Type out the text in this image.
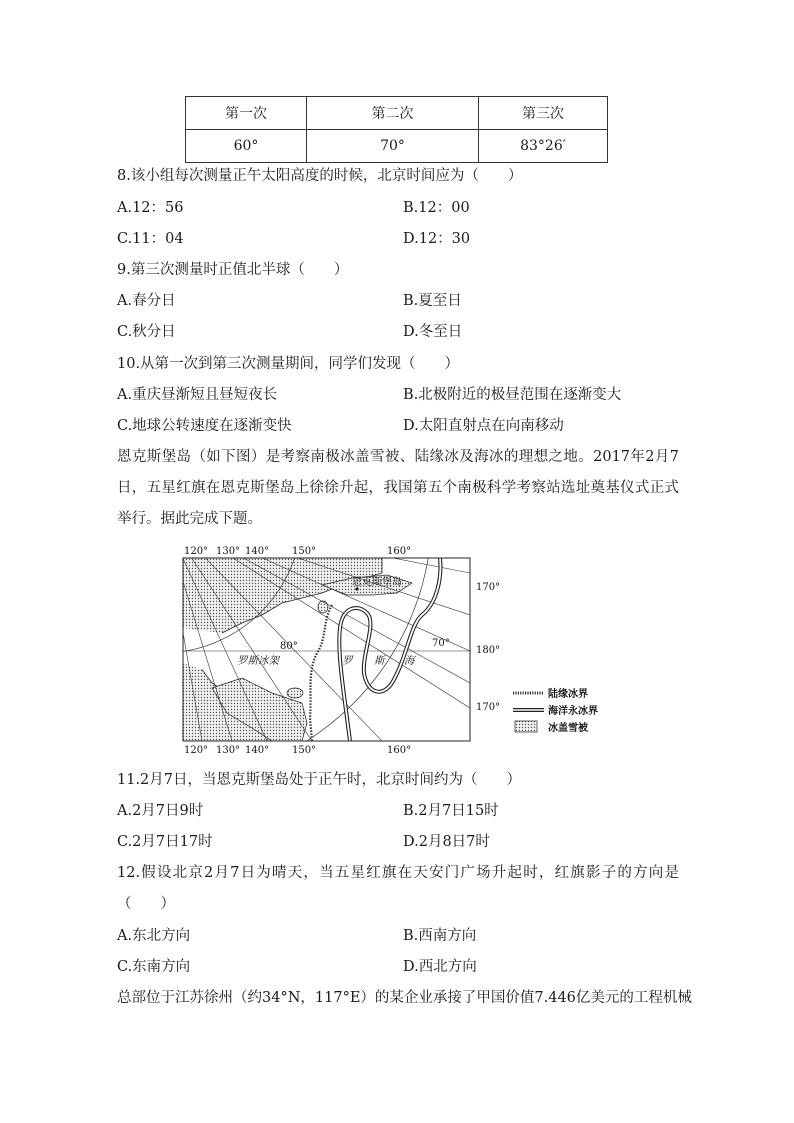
第一次	第二次	第三次
60°	70°	83°26′
8.该小组每次测量正午太阳高度的时候，北京时间应为（　　）
A.12：56	B.12：00
C.11：04	D.12：30
9.第三次测量时正值北半球（　　）
A.春分日	B.夏至日
C.秋分日	D.冬至日
10.从第一次到第三次测量期间，同学们发现（　　）
A.重庆昼渐短且昼短夜长	B.北极附近的极昼范围在逐渐变大
C.地球公转速度在逐渐变快	D.太阳直射点在向南移动
恩克斯堡岛（如下图）是考察南极冰盖雪被、陆缘冰及海冰的理想之地。2017年2月7日，五星红旗在恩克斯堡岛上徐徐升起，我国第五个南极科学考察站选址奠基仪式正式举行。据此完成下题。
120° 130° 140° 150°	160°
恩克斯堡岛
80°	70°
罗斯冰架	罗 斯 海
170°
180°
170°
120° 130° 140° 150°	160°
陆缘冰界
海洋永冰界
冰盖雪被
11.2月7日，当恩克斯堡岛处于正午时，北京时间约为（　　）
A.2月7日9时	B.2月7日15时
C.2月7日17时	D.2月8日7时
12.假设北京2月7日为晴天，当五星红旗在天安门广场升起时，红旗影子的方向是（　　）
A.东北方向	B.西南方向
C.东南方向	D.西北方向
总部位于江苏徐州（约34°N，117°E）的某企业承接了甲国价值7.446亿美元的工程机械
